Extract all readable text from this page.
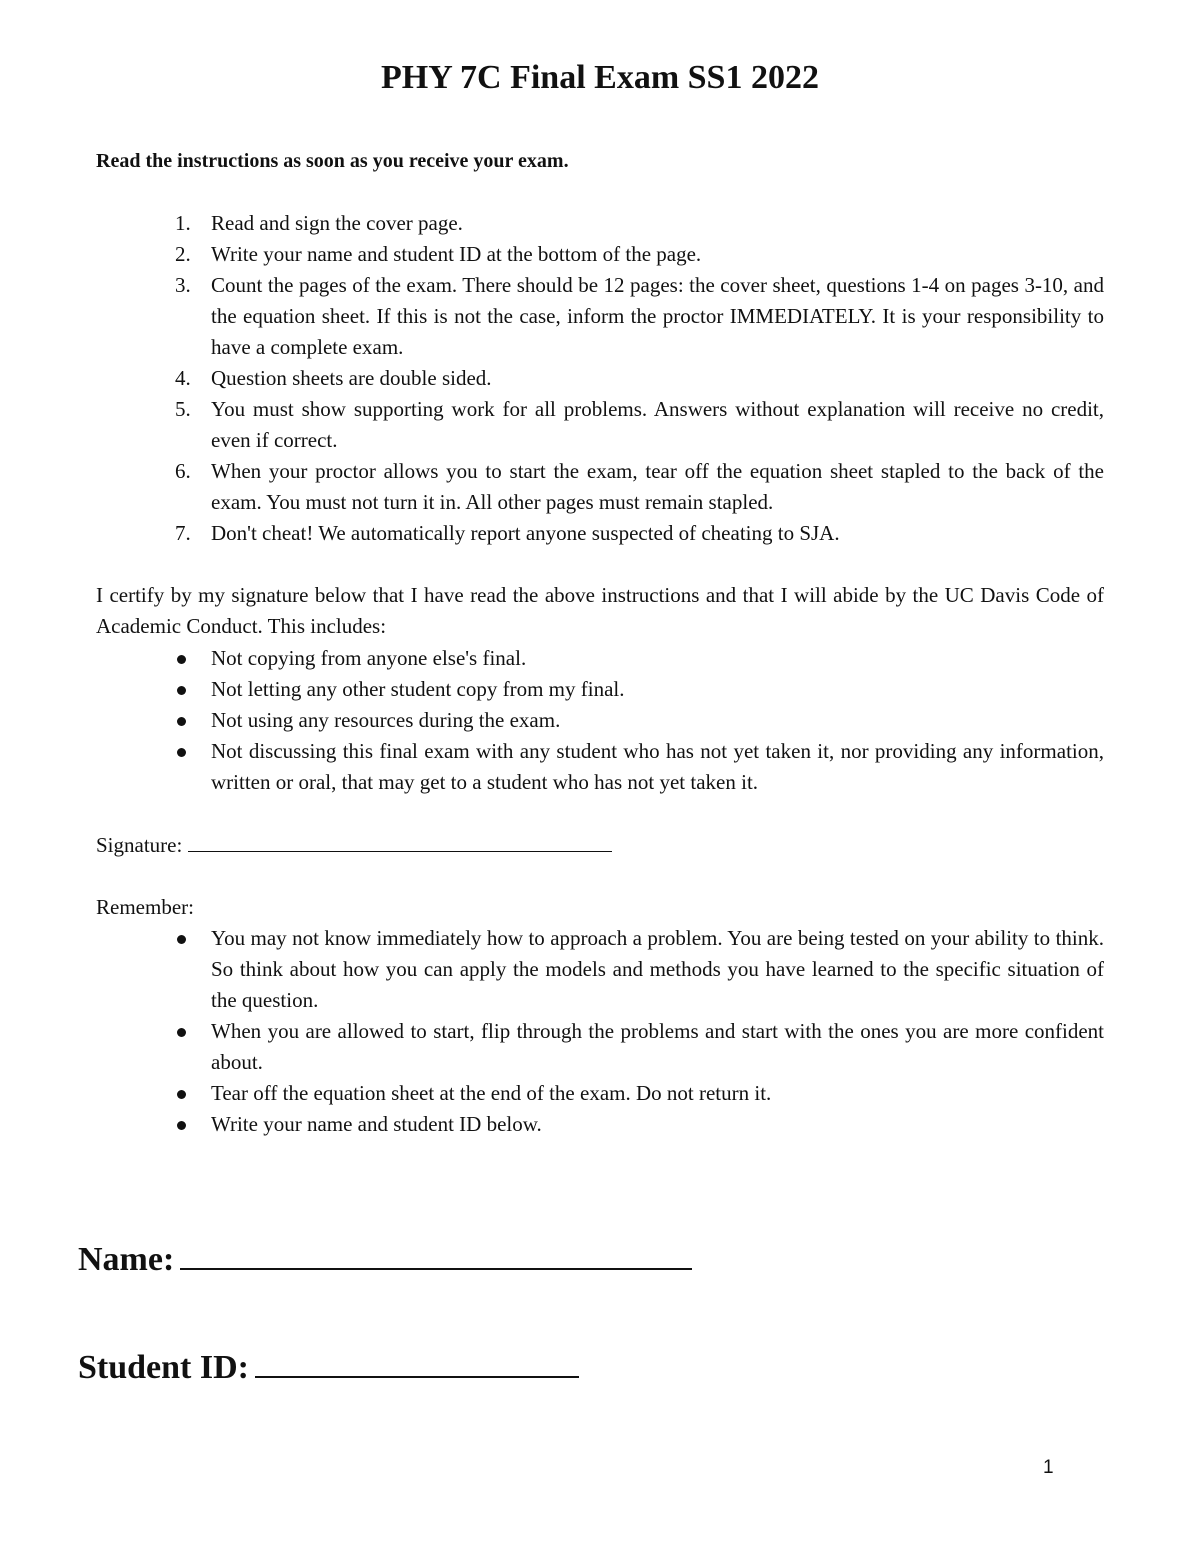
PHY 7C Final Exam SS1 2022
Read the instructions as soon as you receive your exam.
1. Read and sign the cover page.
2. Write your name and student ID at the bottom of the page.
3. Count the pages of the exam. There should be 12 pages: the cover sheet, questions 1-4 on pages 3-10, and the equation sheet. If this is not the case, inform the proctor IMMEDIATELY. It is your responsibility to have a complete exam.
4. Question sheets are double sided.
5. You must show supporting work for all problems. Answers without explanation will receive no credit, even if correct.
6. When your proctor allows you to start the exam, tear off the equation sheet stapled to the back of the exam. You must not turn it in. All other pages must remain stapled.
7. Don't cheat! We automatically report anyone suspected of cheating to SJA.
I certify by my signature below that I have read the above instructions and that I will abide by the UC Davis Code of Academic Conduct. This includes:
Not copying from anyone else's final.
Not letting any other student copy from my final.
Not using any resources during the exam.
Not discussing this final exam with any student who has not yet taken it, nor providing any information, written or oral, that may get to a student who has not yet taken it.
Signature:
Remember:
You may not know immediately how to approach a problem. You are being tested on your ability to think. So think about how you can apply the models and methods you have learned to the specific situation of the question.
When you are allowed to start, flip through the problems and start with the ones you are more confident about.
Tear off the equation sheet at the end of the exam. Do not return it.
Write your name and student ID below.
Name:
Student ID:
1
